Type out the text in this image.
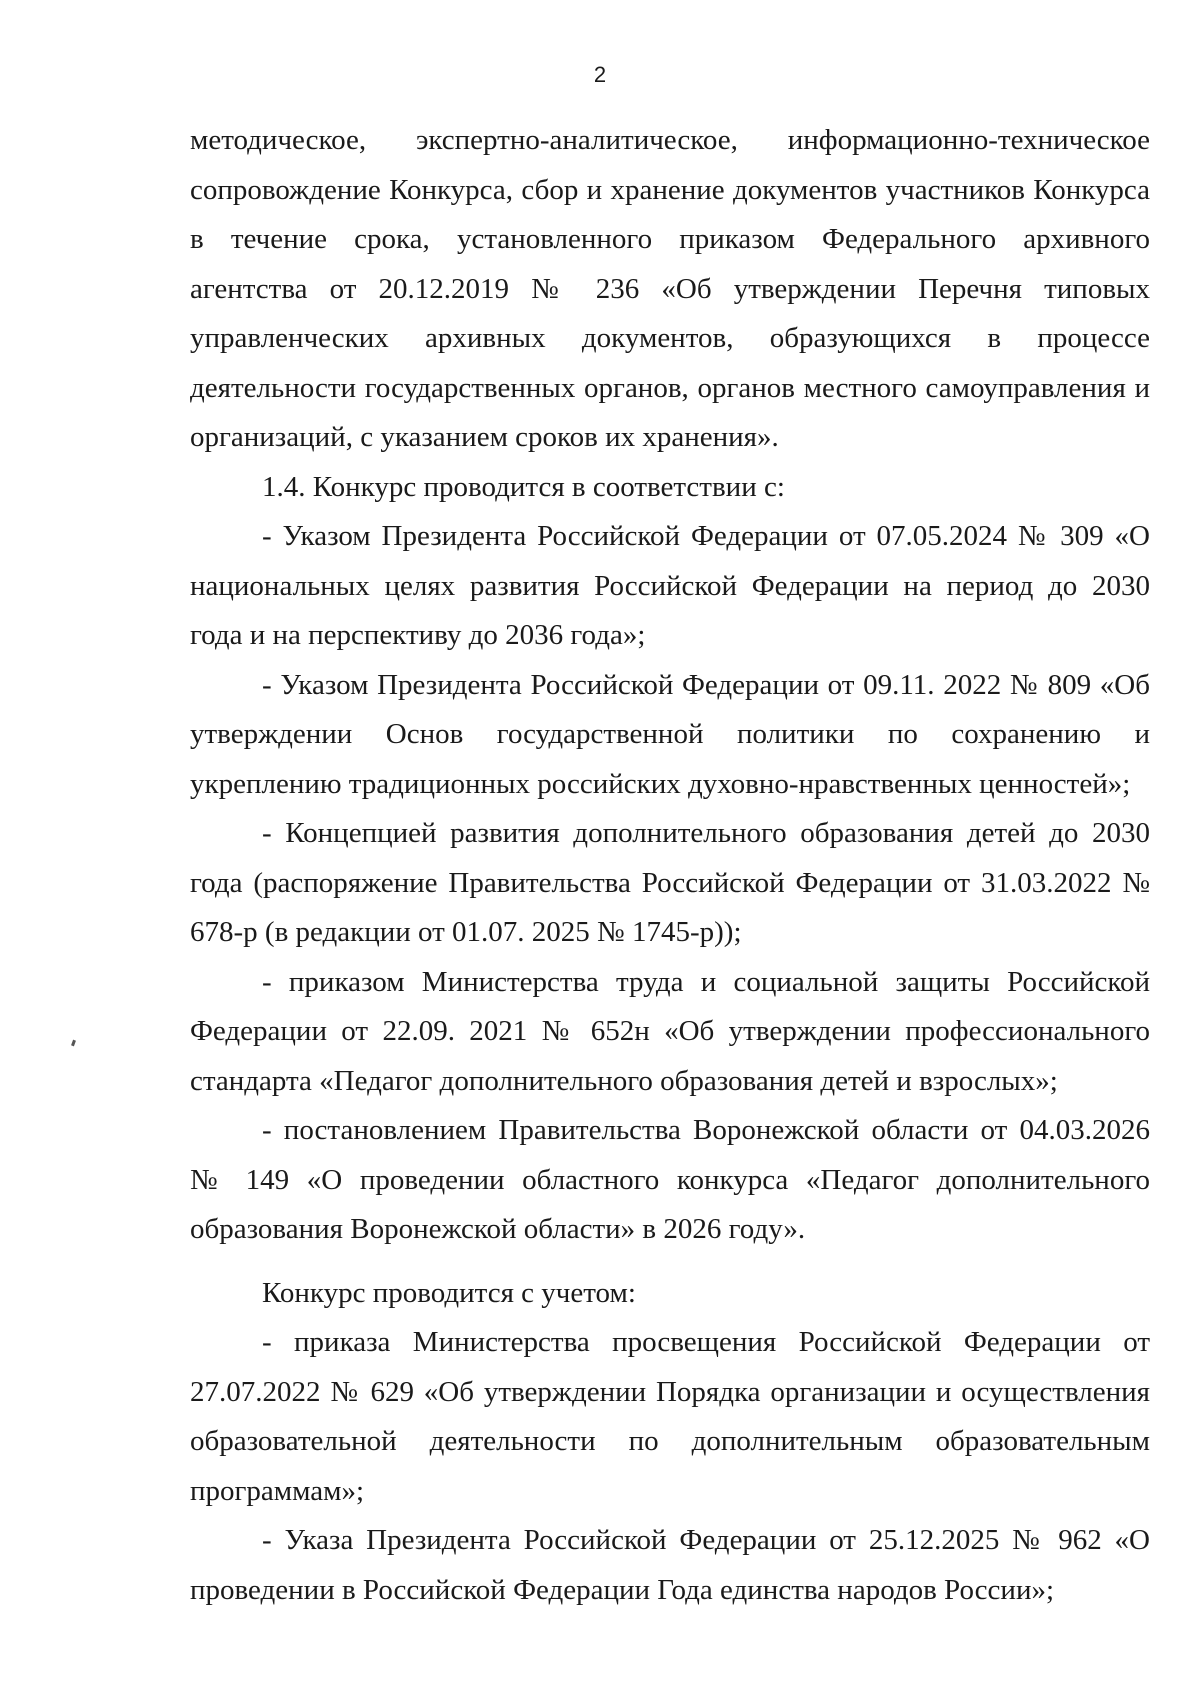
2

методическое, экспертно-аналитическое, информационно-техническое сопровождение Конкурса, сбор и хранение документов участников Конкурса в течение срока, установленного приказом Федерального архивного агентства от 20.12.2019 № 236 «Об утверждении Перечня типовых управленческих архивных документов, образующихся в процессе деятельности государственных органов, органов местного самоуправления и организаций, с указанием сроков их хранения».

1.4. Конкурс проводится в соответствии с:

- Указом Президента Российской Федерации от 07.05.2024 № 309 «О национальных целях развития Российской Федерации на период до 2030 года и на перспективу до 2036 года»;

- Указом Президента Российской Федерации от 09.11. 2022 № 809 «Об утверждении Основ государственной политики по сохранению и укреплению традиционных российских духовно-нравственных ценностей»;

- Концепцией развития дополнительного образования детей до 2030 года (распоряжение Правительства Российской Федерации от 31.03.2022 № 678-р (в редакции от 01.07. 2025 № 1745-р));

- приказом Министерства труда и социальной защиты Российской Федерации от 22.09. 2021 № 652н «Об утверждении профессионального стандарта «Педагог дополнительного образования детей и взрослых»;

- постановлением Правительства Воронежской области от 04.03.2026 № 149 «О проведении областного конкурса «Педагог дополнительного образования Воронежской области» в 2026 году».

Конкурс проводится с учетом:

- приказа Министерства просвещения Российской Федерации от 27.07.2022 № 629 «Об утверждении Порядка организации и осуществления образовательной деятельности по дополнительным образовательным программам»;

- Указа Президента Российской Федерации от 25.12.2025 № 962 «О проведении в Российской Федерации Года единства народов России»;
